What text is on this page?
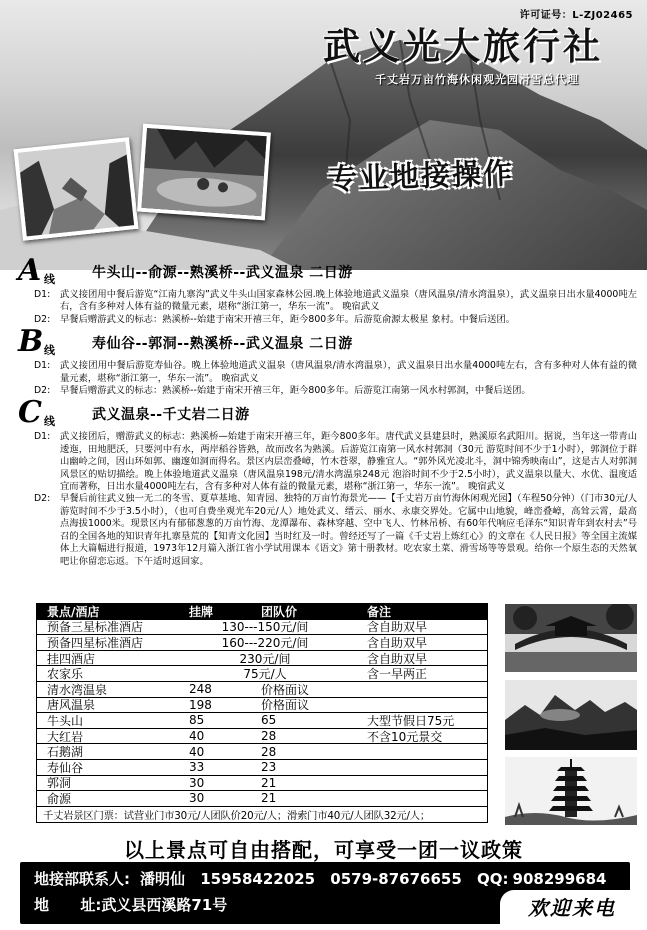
许可证号：L-ZJ02465
武义光大旅行社
千丈岩万亩竹海休闲观光园滑雪总代理
专业地接操作
A 线	牛头山--俞源--熟溪桥--武义温泉 二日游
D1: 武义接团用中餐后游览“江南九寨沟”武义牛头山国家森林公园.晚上体验地道武义温泉（唐风温泉/清水湾温泉），武义温泉日出水量4000吨左右，含有多种对人体有益的微量元素，堪称“浙江第一，华东一流”。 晚宿武义
D2: 早餐后赠游武义的标志：熟溪桥--始建于南宋开禧三年，距今800多年。后游览俞源太极星 象村。中餐后送团。
B 线	寿仙谷--郭洞--熟溪桥--武义温泉 二日游
D1: 武义接团用中餐后游览寿仙谷。晚上体验地道武义温泉（唐风温泉/清水湾温泉），武义温泉日出水量4000吨左右，含有多种对人体有益的微量元素，堪称“浙江第一，华东一流”。 晚宿武义
D2: 早餐后赠游武义的标志：熟溪桥--始建于南宋开禧三年，距今800多年。后游览江南第一风水村郭洞，中餐后送团。
C 线	武义温泉--千丈岩二日游
D1: 武义接团后，赠游武义的标志：熟溪桥—始建于南宋开禧三年，距今800多年。唐代武义县建县时，熟溪原名武阳川。据说，当年这一带青山逶迤，田地肥沃，只要河中有水，两岸稻谷皆熟，故而改名为熟溪。后游览江南第一风水村郭洞（30元 游览时间不少于1小时），郭洞位于群山幽岭之间，因山环如郭、幽邃如洞而得名。景区内层峦叠嶂，竹木苍翠，静雅宜人。“郭外风光凌北斗，洞中锦秀映南山”，这是古人对郭洞风景区的贴切描绘。晚上体验地道武义温泉（唐风温泉198元/清水湾温泉248元 泡浴时间不少于2.5小时），武义温泉以量大、水优、温度适宜而著称，日出水量4000吨左右，含有多种对人体有益的微量元素，堪称“浙江第一，华东一流”。 晚宿武义
D2: 早餐后前往武义独一无二的冬雪、夏草基地、知青园、独特的万亩竹海景光——【千丈岩万亩竹海休闲观光园】（车程50分钟）（门市30元/人游览时间不少于3.5小时），（也可自费坐观光车20元/人）地处武义、缙云、丽水、永康交界处。它属中山地貌，峰峦叠嶂，高耸云霄，最高点海拔1000米。现景区内有郁郁葱葱的万亩竹海、龙潭瀑布、森林穿越、空中飞人、竹林吊桥、有60年代响应毛泽东“知识青年到农村去”号召的全国各地的知识青年扎寨垦荒的【知青文化园】当时红及一时。曾经还写了一篇《千丈岩上炼红心》的文章在《人民日报》等全国主流媒体上大篇幅进行报道，1973年12月篇入浙江省小学试用课本《语文》第十册教材。吃农家土菜、滑雪场等等景观。给你一个原生态的天然氧吧让你留恋忘返。下午适时返回家。
景点/酒店	挂牌	团队价	备注
预备三星标准酒店	130---150元/间	含自助双早
预备四星标准酒店	160---220元/间	含自助双早
挂四酒店	230元/间	含自助双早
农家乐	75元/人	含一早两正
清水湾温泉	248	价格面议
唐风温泉	198	价格面议
牛头山	85	65	大型节假日75元
大红岩	40	28	不含10元景交
石鹅湖	40	28
寿仙谷	33	23
郭洞	30	21
俞源	30	21
千丈岩景区门票：试营业门市30元/人团队价20元/人；滑索门市40元/人团队32元/人；
以上景点可自由搭配，可享受一团一议政策
地接部联系人: 潘明仙 15958422025 0579-87676655 QQ: 908299684
地      址:武义县西溪路71号	欢迎来电
